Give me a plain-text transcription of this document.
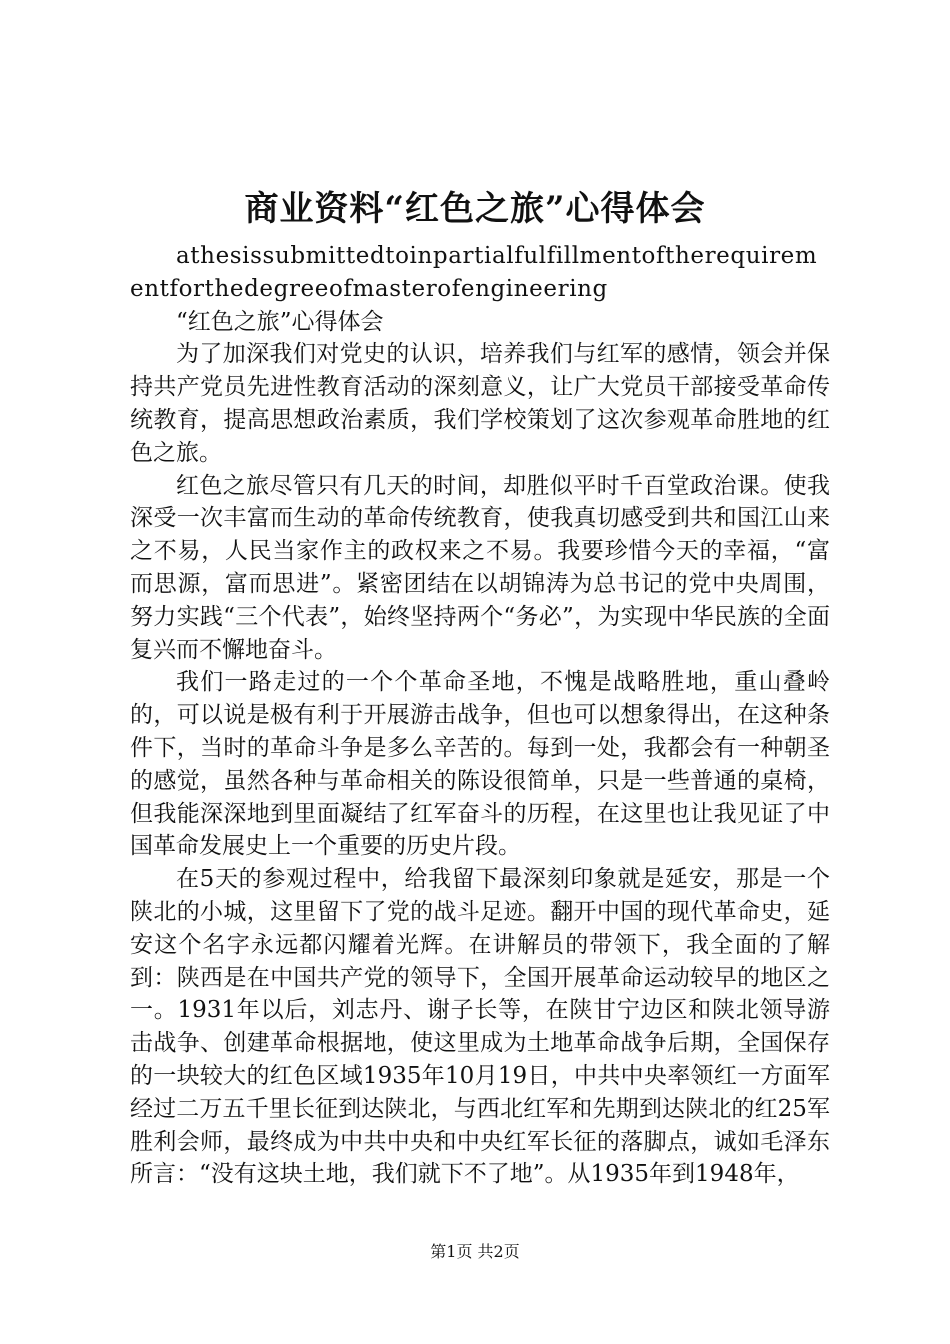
商业资料“红色之旅”心得体会

athesissubmittedtoinpartialfulfillmentoftherequirementforthedegreeofmasterofengineering

“红色之旅”心得体会

为了加深我们对党史的认识，培养我们与红军的感情，领会并保持共产党员先进性教育活动的深刻意义，让广大党员干部接受革命传统教育，提高思想政治素质，我们学校策划了这次参观革命胜地的红色之旅。

红色之旅尽管只有几天的时间，却胜似平时千百堂政治课。使我深受一次丰富而生动的革命传统教育，使我真切感受到共和国江山来之不易，人民当家作主的政权来之不易。我要珍惜今天的幸福，“富而思源，富而思进”。紧密团结在以胡锦涛为总书记的党中央周围，努力实践“三个代表”，始终坚持两个“务必”，为实现中华民族的全面复兴而不懈地奋斗。

我们一路走过的一个个革命圣地，不愧是战略胜地，重山叠岭的，可以说是极有利于开展游击战争，但也可以想象得出，在这种条件下，当时的革命斗争是多么辛苦的。每到一处，我都会有一种朝圣的感觉，虽然各种与革命相关的陈设很简单，只是一些普通的桌椅，但我能深深地到里面凝结了红军奋斗的历程，在这里也让我见证了中国革命发展史上一个重要的历史片段。

在5天的参观过程中，给我留下最深刻印象就是延安，那是一个陕北的小城，这里留下了党的战斗足迹。翻开中国的现代革命史，延安这个名字永远都闪耀着光辉。在讲解员的带领下，我全面的了解到：陕西是在中国共产党的领导下，全国开展革命运动较早的地区之一。1931年以后，刘志丹、谢子长等，在陕甘宁边区和陕北领导游击战争、创建革命根据地，使这里成为土地革命战争后期，全国保存的一块较大的红色区域1935年10月19日，中共中央率领红一方面军经过二万五千里长征到达陕北，与西北红军和先期到达陕北的红25军胜利会师，最终成为中共中央和中央红军长征的落脚点，诚如毛泽东所言：“没有这块土地，我们就下不了地”。从1935年到1948年，

第1页 共2页
